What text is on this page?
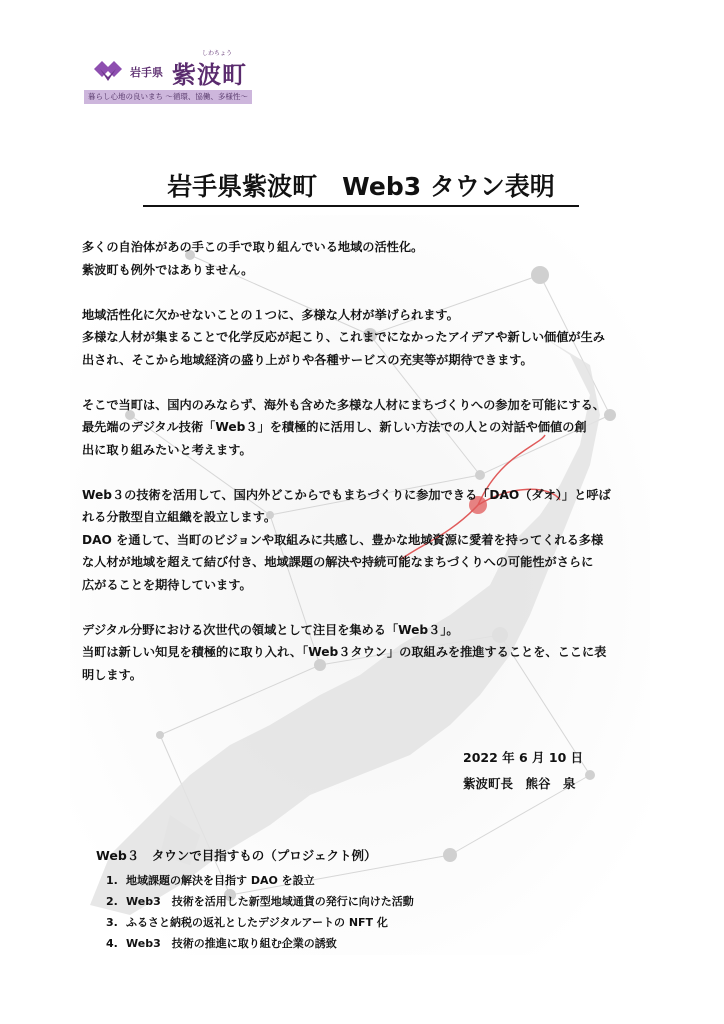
岩手県
しわちょう
紫波町
暮らし心地の良いまち ～循環、協働、多様性～
岩手県紫波町　Web3 タウン表明

多くの自治体があの手この手で取り組んでいる地域の活性化。

紫波町も例外ではありません。

地域活性化に欠かせないことの１つに、多様な人材が挙げられます。

多様な人材が集まることで化学反応が起こり、これまでになかったアイデアや新しい価値が生み

出され、そこから地域経済の盛り上がりや各種サービスの充実等が期待できます。

そこで当町は、国内のみならず、海外も含めた多様な人材にまちづくりへの参加を可能にする、

最先端のデジタル技術「Web３」を積極的に活用し、新しい方法での人との対話や価値の創

出に取り組みたいと考えます。

Web３の技術を活用して、国内外どこからでもまちづくりに参加できる「DAO（ダオ）」と呼ば

れる分散型自立組織を設立します。

DAO を通して、当町のビジョンや取組みに共感し、豊かな地域資源に愛着を持ってくれる多様

な人材が地域を超えて結び付き、地域課題の解決や持続可能なまちづくりへの可能性がさらに

広がることを期待しています。

デジタル分野における次世代の領域として注目を集める「Web３」。

当町は新しい知見を積極的に取り入れ、「Web３タウン」の取組みを推進することを、ここに表

明します。

2022 年 6 月 10 日
紫波町長　熊谷　泉
Web３　タウンで目指すもの（プロジェクト例）
1. 地域課題の解決を目指す DAO を設立
2. Web3　技術を活用した新型地域通貨の発行に向けた活動
3. ふるさと納税の返礼としたデジタルアートの NFT 化
4. Web3　技術の推進に取り組む企業の誘致
